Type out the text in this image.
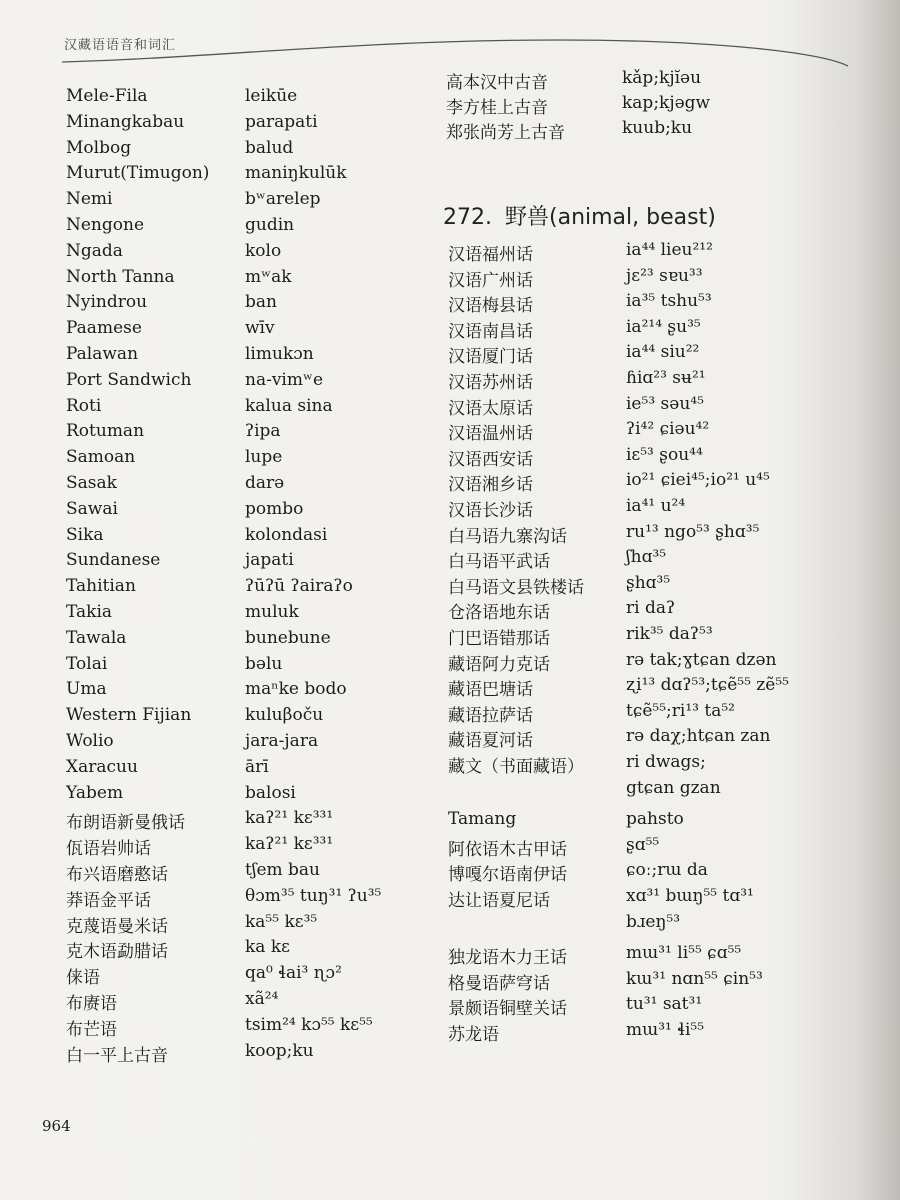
汉藏语语音和词汇
Mele-Fila
Minangkabau
Molbog
Murut(Timugon)
Nemi
Nengone
Ngada
North Tanna
Nyindrou
Paamese
Palawan
Port Sandwich
Roti
Rotuman
Samoan
Sasak
Sawai
Sika
Sundanese
Tahitian
Takia
Tawala
Tolai
Uma
Western Fijian
Wolio
Xaracuu
Yabem
布朗语新曼俄话
佤语岩帅话
布兴语磨憨话
莽语金平话
克蔑语曼米话
克木语勐腊话
俫语
布赓语
布芒语
白一平上古音
leikūe
parapati
balud
maniŋkulūk
bʷarelep
gudin
kolo
mʷak
ban
wīv
limukɔn
na-vimʷe
kalua sina
ʔipa
lupe
darə
pombo
kolondasi
japati
ʔūʔū ʔairaʔo
muluk
bunebune
bəlu
maⁿke bodo
kuluβoču
jara-jara
ārī
balosi
kaʔ²¹ kɛ³³¹
kaʔ²¹ kɛ³³¹
tʃem bau
θɔm³⁵ tuŋ³¹ ʔu³⁵
ka⁵⁵ kɛ³⁵
ka kɛ
qa⁰ ɬai³ ɳɔ²
xã²⁴
tsim²⁴ kɔ⁵⁵ kɛ⁵⁵
koop;ku
高本汉中古音
李方桂上古音
郑张尚芳上古音
kǎp;kjĭǝu
kap;kjəgw
kuub;ku
272. 野兽(animal, beast)
汉语福州话
汉语广州话
汉语梅县话
汉语南昌话
汉语厦门话
汉语苏州话
汉语太原话
汉语温州话
汉语西安话
汉语湘乡话
汉语长沙话
白马语九寨沟话
白马语平武话
白马语文县铁楼话
仓洛语地东话
门巴语错那话
藏语阿力克话
藏语巴塘话
藏语拉萨话
藏语夏河话
藏文（书面藏语）
Tamang
阿依语木古甲话
博嘎尔语南伊话
达让语夏尼话
独龙语木力王话
格曼语萨穹话
景颇语铜壁关话
苏龙语
ia⁴⁴ lieu²¹²
jɛ²³ sɐu³³
ia³⁵ tshu⁵³
ia²¹⁴ ʂu³⁵
ia⁴⁴ siu²²
ɦiɑ²³ sʉ²¹
ie⁵³ səu⁴⁵
ʔi⁴² ɕiəu⁴²
iɛ⁵³ ʂou⁴⁴
io²¹ ɕiei⁴⁵;io²¹ u⁴⁵
ia⁴¹ u²⁴
ru¹³ ngo⁵³ ʂhɑ³⁵
ʃhɑ³⁵
ʂhɑ³⁵
ri daʔ
rik³⁵ daʔ⁵³
rə tak;ɣtɕan dzən
ʐi¹³ dɑʔ⁵³;tɕẽ⁵⁵ zẽ⁵⁵
tɕẽ⁵⁵;ri¹³ ta⁵²
rə daχ;htɕan zan
ri dwags;
gtɕan gzan
pahsto
ʂɑ⁵⁵
ɕoː;rɯ da
xɑ³¹ bɯŋ⁵⁵ tɑ³¹
bɹeŋ⁵³
mɯ³¹ li⁵⁵ ɕɑ⁵⁵
kɯ³¹ nɑn⁵⁵ ɕin⁵³
tu³¹ sat³¹
mɯ³¹ ɬi⁵⁵
964
